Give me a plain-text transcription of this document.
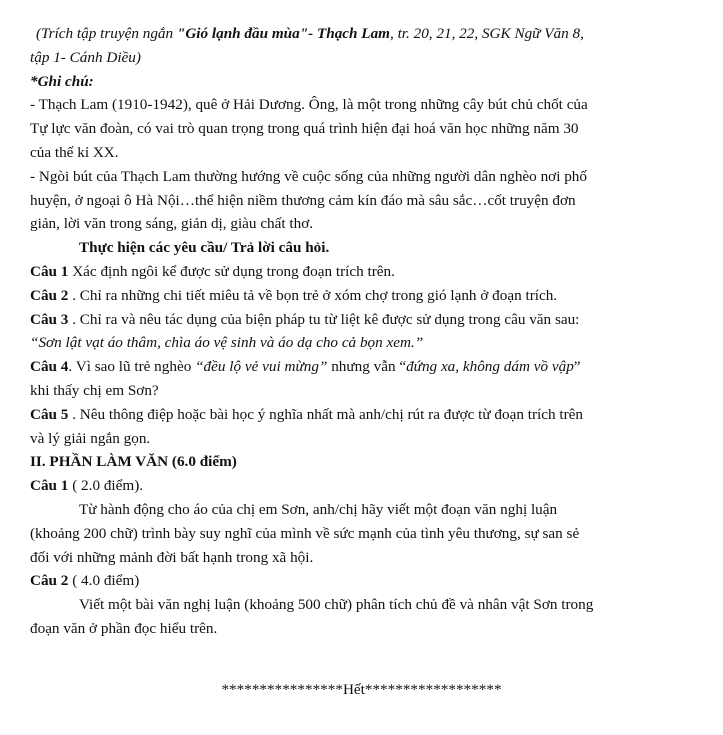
(Trích tập truyện ngắn "Gió lạnh đầu mùa"- Thạch Lam, tr. 20, 21, 22, SGK Ngữ Văn 8,
tập 1- Cánh Diều)
*Ghi chú:
- Thạch Lam (1910-1942), quê ở Hải Dương. Ông, là một trong những cây bút chủ chốt của
Tự lực văn đoàn, có vai trò quan trọng trong quá trình hiện đại hoá văn học những năm 30
của thế kỉ XX.
- Ngòi bút của Thạch Lam thường hướng về cuộc sống của những người dân nghèo nơi phố
huyện, ở ngoại ô Hà Nội…thể hiện niềm thương cảm kín đáo mà sâu sắc…cốt truyện đơn
giản, lời văn trong sáng, giản dị, giàu chất thơ.
Thực hiện các yêu cầu/ Trả lời câu hỏi.
Câu 1 Xác định ngôi kể được sử dụng trong đoạn trích trên.
Câu 2 . Chỉ ra những chi tiết miêu tả về bọn trẻ ở xóm chợ trong gió lạnh ở đoạn trích.
Câu 3 . Chỉ ra và nêu tác dụng của biện pháp tu từ liệt kê được sử dụng trong câu văn sau:
“Sơn lật vạt áo thâm, chìa áo vệ sinh và áo dạ cho cả bọn xem.”
Câu 4. Vì sao lũ trẻ nghèo “đều lộ vẻ vui mừng” nhưng vẫn “đứng xa, không dám vồ vập”
khi thấy chị em Sơn?
Câu 5 . Nêu thông điệp hoặc bài học ý nghĩa nhất mà anh/chị rút ra được từ đoạn trích trên
và lý giải ngắn gọn.
II. PHẦN LÀM VĂN (6.0 điểm)
Câu 1 ( 2.0 điểm).
Từ hành động cho áo của chị em Sơn, anh/chị hãy viết một đoạn văn nghị luận
(khoảng 200 chữ) trình bày suy nghĩ của mình về sức mạnh của tình yêu thương, sự san sẻ
đối với những mảnh đời bất hạnh trong xã hội.
Câu 2 ( 4.0 điểm)
Viết một bài văn nghị luận (khoảng 500 chữ) phân tích chủ đề và nhân vật Sơn trong
đoạn văn ở phần đọc hiểu trên.
****************Hết******************
